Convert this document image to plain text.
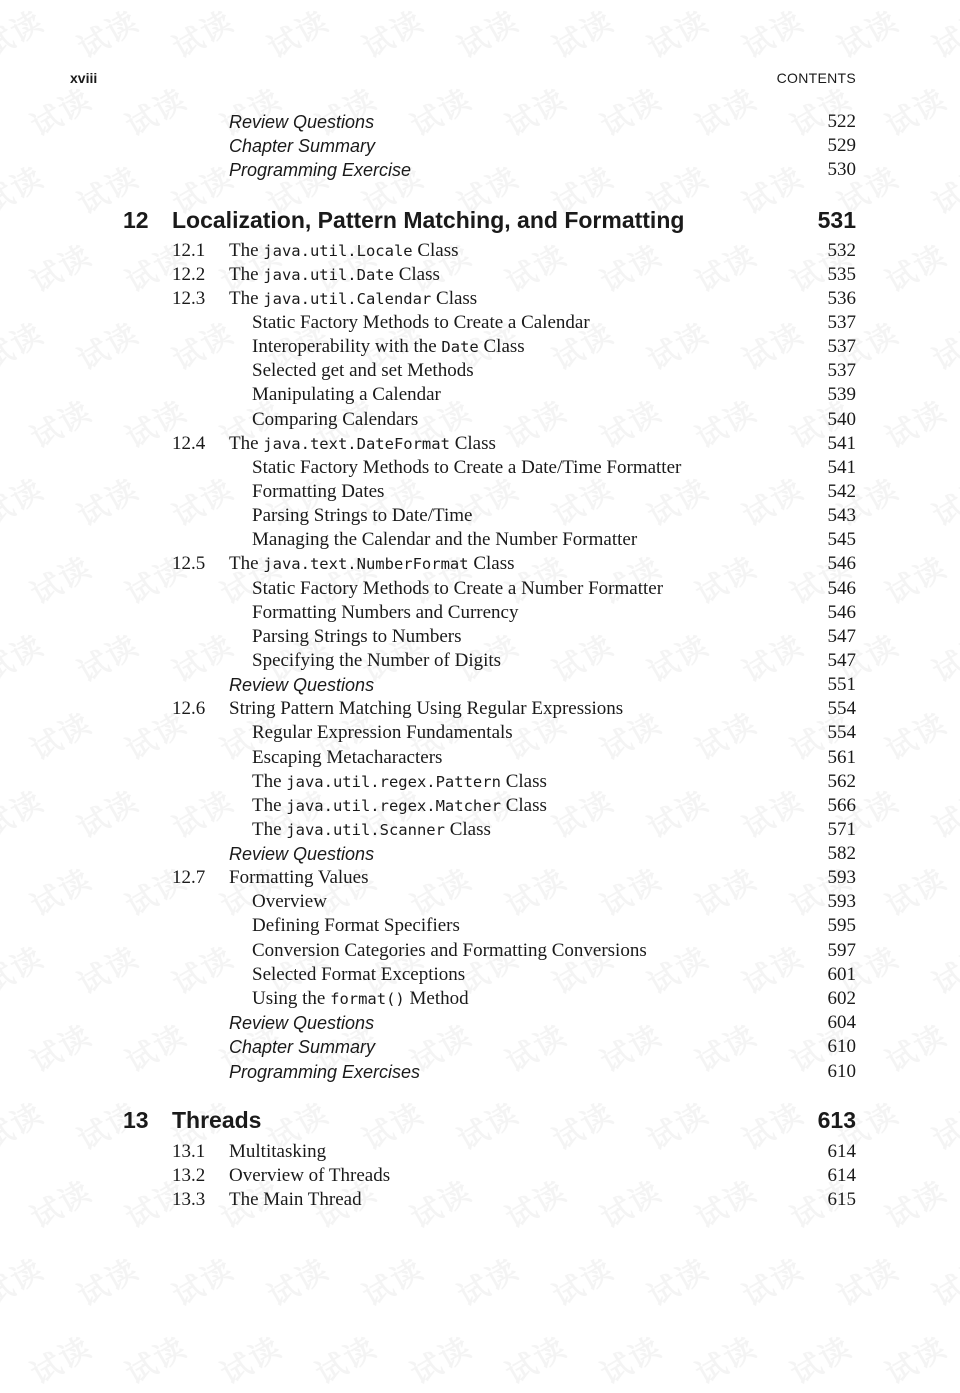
xviii	CONTENTS
Review Questions	522
Chapter Summary	529
Programming Exercise	530
12 Localization, Pattern Matching, and Formatting	531
12.1 The java.util.Locale Class	532
12.2 The java.util.Date Class	535
12.3 The java.util.Calendar Class	536
Static Factory Methods to Create a Calendar	537
Interoperability with the Date Class	537
Selected get and set Methods	537
Manipulating a Calendar	539
Comparing Calendars	540
12.4 The java.text.DateFormat Class	541
Static Factory Methods to Create a Date/Time Formatter	541
Formatting Dates	542
Parsing Strings to Date/Time	543
Managing the Calendar and the Number Formatter	545
12.5 The java.text.NumberFormat Class	546
Static Factory Methods to Create a Number Formatter	546
Formatting Numbers and Currency	546
Parsing Strings to Numbers	547
Specifying the Number of Digits	547
Review Questions	551
12.6 String Pattern Matching Using Regular Expressions	554
Regular Expression Fundamentals	554
Escaping Metacharacters	561
The java.util.regex.Pattern Class	562
The java.util.regex.Matcher Class	566
The java.util.Scanner Class	571
Review Questions	582
12.7 Formatting Values	593
Overview	593
Defining Format Specifiers	595
Conversion Categories and Formatting Conversions	597
Selected Format Exceptions	601
Using the format() Method	602
Review Questions	604
Chapter Summary	610
Programming Exercises	610
13 Threads	613
13.1 Multitasking	614
13.2 Overview of Threads	614
13.3 The Main Thread	615
